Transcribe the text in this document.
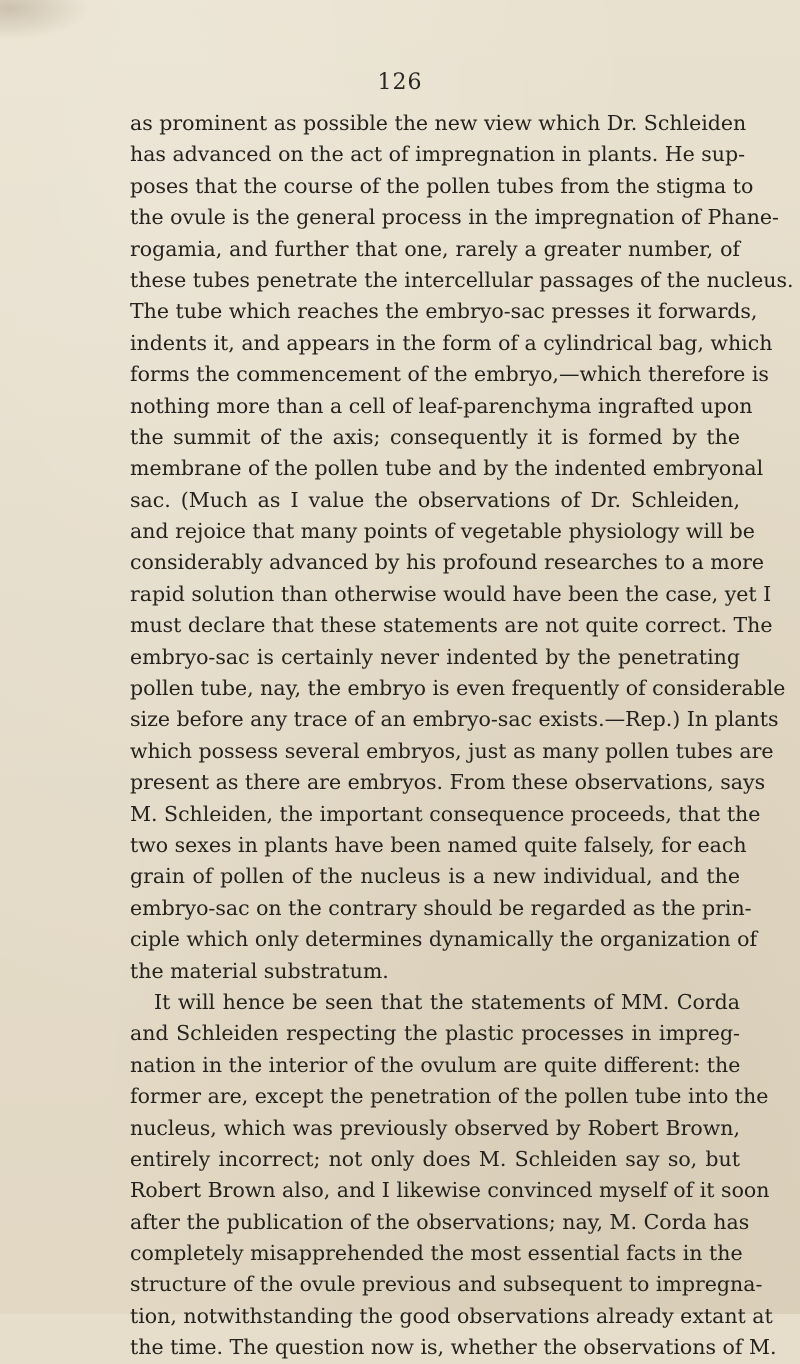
126
as prominent as possible the new view which Dr. Schleiden
has advanced on the act of impregnation in plants. He sup-
poses that the course of the pollen tubes from the stigma to
the ovule is the general process in the impregnation of Phane-
rogamia, and further that one, rarely a greater number, of
these tubes penetrate the intercellular passages of the nucleus.
The tube which reaches the embryo-sac presses it forwards,
indents it, and appears in the form of a cylindrical bag, which
forms the commencement of the embryo,—which therefore is
nothing more than a cell of leaf-parenchyma ingrafted upon
the summit of the axis; consequently it is formed by the
membrane of the pollen tube and by the indented embryonal
sac. (Much as I value the observations of Dr. Schleiden,
and rejoice that many points of vegetable physiology will be
considerably advanced by his profound researches to a more
rapid solution than otherwise would have been the case, yet I
must declare that these statements are not quite correct. The
embryo-sac is certainly never indented by the penetrating
pollen tube, nay, the embryo is even frequently of considerable
size before any trace of an embryo-sac exists.—Rep.) In plants
which possess several embryos, just as many pollen tubes are
present as there are embryos. From these observations, says
M. Schleiden, the important consequence proceeds, that the
two sexes in plants have been named quite falsely, for each
grain of pollen of the nucleus is a new individual, and the
embryo-sac on the contrary should be regarded as the prin-
ciple which only determines dynamically the organization of
the material substratum.
It will hence be seen that the statements of MM. Corda
and Schleiden respecting the plastic processes in impreg-
nation in the interior of the ovulum are quite different: the
former are, except the penetration of the pollen tube into the
nucleus, which was previously observed by Robert Brown,
entirely incorrect; not only does M. Schleiden say so, but
Robert Brown also, and I likewise convinced myself of it soon
after the publication of the observations; nay, M. Corda has
completely misapprehended the most essential facts in the
structure of the ovule previous and subsequent to impregna-
tion, notwithstanding the good observations already extant at
the time. The question now is, whether the observations of M.
